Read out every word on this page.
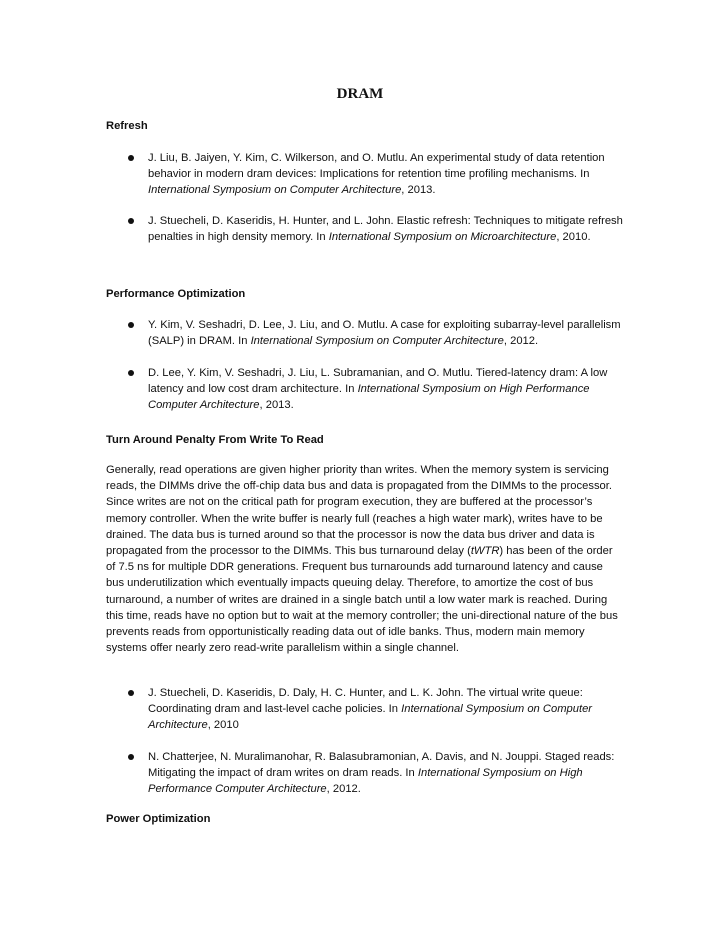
DRAM
Refresh
J. Liu, B. Jaiyen, Y. Kim, C. Wilkerson, and O. Mutlu. An experimental study of data retention behavior in modern dram devices: Implications for retention time profiling mechanisms. In International Symposium on Computer Architecture, 2013.
J. Stuecheli, D. Kaseridis, H. Hunter, and L. John. Elastic refresh: Techniques to mitigate refresh penalties in high density memory. In International Symposium on Microarchitecture, 2010.
Performance Optimization
Y. Kim, V. Seshadri, D. Lee, J. Liu, and O. Mutlu. A case for exploiting subarray-level parallelism (SALP) in DRAM. In International Symposium on Computer Architecture, 2012.
D. Lee, Y. Kim, V. Seshadri, J. Liu, L. Subramanian, and O. Mutlu. Tiered-latency dram: A low latency and low cost dram architecture. In International Symposium on High Performance Computer Architecture, 2013.
Turn Around Penalty From Write To Read
Generally, read operations are given higher priority than writes. When the memory system is servicing reads, the DIMMs drive the off-chip data bus and data is propagated from the DIMMs to the processor. Since writes are not on the critical path for program execution, they are buffered at the processor’s memory controller. When the write buffer is nearly full (reaches a high water mark), writes have to be drained. The data bus is turned around so that the processor is now the data bus driver and data is propagated from the processor to the DIMMs. This bus turnaround delay (tWTR) has been of the order of 7.5 ns for multiple DDR generations. Frequent bus turnarounds add turnaround latency and cause bus underutilization which eventually impacts queuing delay. Therefore, to amortize the cost of bus turnaround, a number of writes are drained in a single batch until a low water mark is reached. During this time, reads have no option but to wait at the memory controller; the uni-directional nature of the bus prevents reads from opportunistically reading data out of idle banks. Thus, modern main memory systems offer nearly zero read-write parallelism within a single channel.
J. Stuecheli, D. Kaseridis, D. Daly, H. C. Hunter, and L. K. John. The virtual write queue: Coordinating dram and last-level cache policies. In International Symposium on Computer Architecture, 2010
N. Chatterjee, N. Muralimanohar, R. Balasubramonian, A. Davis, and N. Jouppi. Staged reads: Mitigating the impact of dram writes on dram reads. In International Symposium on High Performance Computer Architecture, 2012.
Power Optimization
